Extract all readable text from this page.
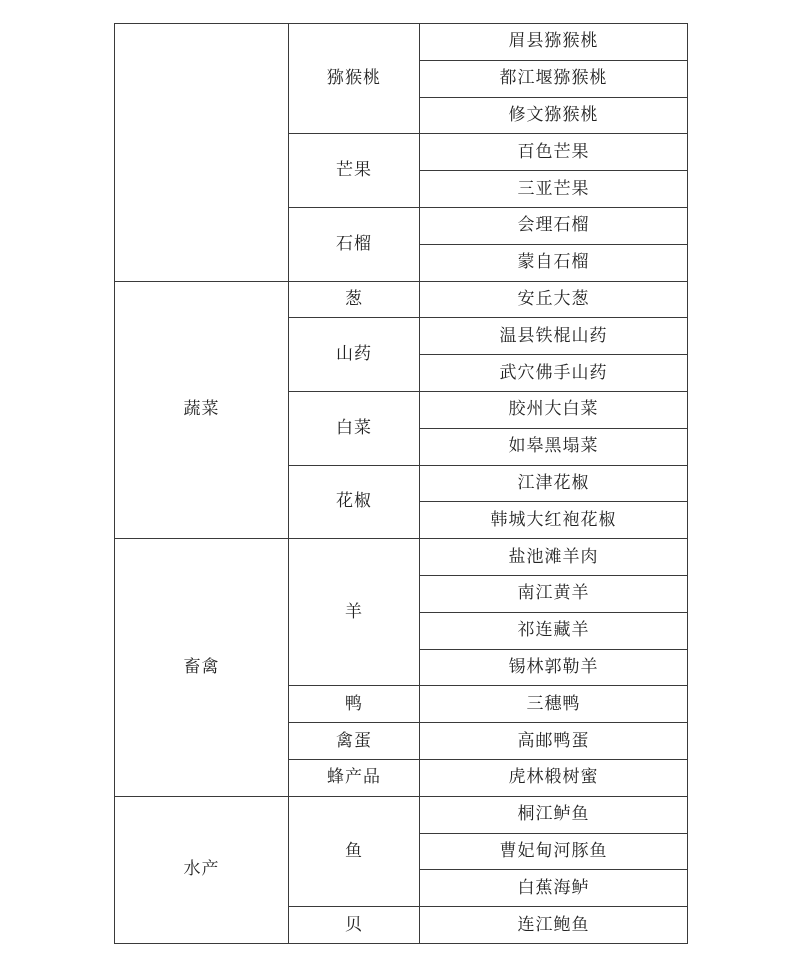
	猕猴桃	眉县猕猴桃
		都江堰猕猴桃
		修文猕猴桃
	芒果	百色芒果
		三亚芒果
	石榴	会理石榴
		蒙自石榴
蔬菜	葱	安丘大葱
	山药	温县铁棍山药
		武穴佛手山药
	白菜	胶州大白菜
		如皋黑塌菜
	花椒	江津花椒
		韩城大红袍花椒
畜禽	羊	盐池滩羊肉
		南江黄羊
		祁连藏羊
		锡林郭勒羊
	鸭	三穗鸭
	禽蛋	高邮鸭蛋
	蜂产品	虎林椴树蜜
水产	鱼	桐江鲈鱼
		曹妃甸河豚鱼
		白蕉海鲈
	贝	连江鲍鱼
